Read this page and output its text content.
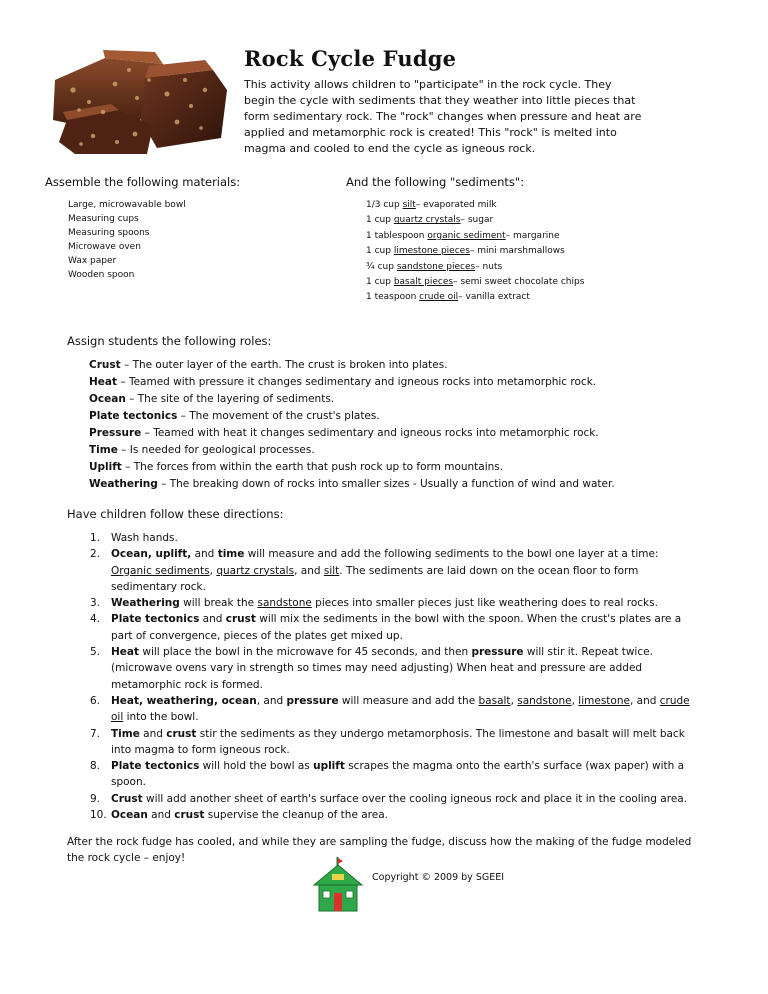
Rock Cycle Fudge
This activity allows children to "participate" in the rock cycle. They begin the cycle with sediments that they weather into little pieces that form sedimentary rock. The "rock" changes when pressure and heat are applied and metamorphic rock is created! This "rock" is melted into magma and cooled to end the cycle as igneous rock.
Assemble the following materials:	And the following "sediments":
Large, microwavable bowl
Measuring cups
Measuring spoons
Microwave oven
Wax paper
Wooden spoon
1/3 cup silt– evaporated milk
1 cup quartz crystals– sugar
1 tablespoon organic sediment– margarine
1 cup limestone pieces– mini marshmallows
¾ cup sandstone pieces– nuts
1 cup basalt pieces– semi sweet chocolate chips
1 teaspoon crude oil– vanilla extract
Assign students the following roles:
Crust – The outer layer of the earth. The crust is broken into plates.
Heat – Teamed with pressure it changes sedimentary and igneous rocks into metamorphic rock.
Ocean – The site of the layering of sediments.
Plate tectonics – The movement of the crust's plates.
Pressure – Teamed with heat it changes sedimentary and igneous rocks into metamorphic rock.
Time – Is needed for geological processes.
Uplift – The forces from within the earth that push rock up to form mountains.
Weathering – The breaking down of rocks into smaller sizes - Usually a function of wind and water.
Have children follow these directions:
1. Wash hands.
2. Ocean, uplift, and time will measure and add the following sediments to the bowl one layer at a time: Organic sediments, quartz crystals, and silt. The sediments are laid down on the ocean floor to form sedimentary rock.
3. Weathering will break the sandstone pieces into smaller pieces just like weathering does to real rocks.
4. Plate tectonics and crust will mix the sediments in the bowl with the spoon. When the crust's plates are a part of convergence, pieces of the plates get mixed up.
5. Heat will place the bowl in the microwave for 45 seconds, and then pressure will stir it. Repeat twice. (microwave ovens vary in strength so times may need adjusting) When heat and pressure are added metamorphic rock is formed.
6. Heat, weathering, ocean, and pressure will measure and add the basalt, sandstone, limestone, and crude oil into the bowl.
7. Time and crust stir the sediments as they undergo metamorphosis. The limestone and basalt will melt back into magma to form igneous rock.
8. Plate tectonics will hold the bowl as uplift scrapes the magma onto the earth's surface (wax paper) with a spoon.
9. Crust will add another sheet of earth's surface over the cooling igneous rock and place it in the cooling area.
10. Ocean and crust supervise the cleanup of the area.
After the rock fudge has cooled, and while they are sampling the fudge, discuss how the making of the fudge modeled the rock cycle – enjoy!
Copyright © 2009 by SGEEI
